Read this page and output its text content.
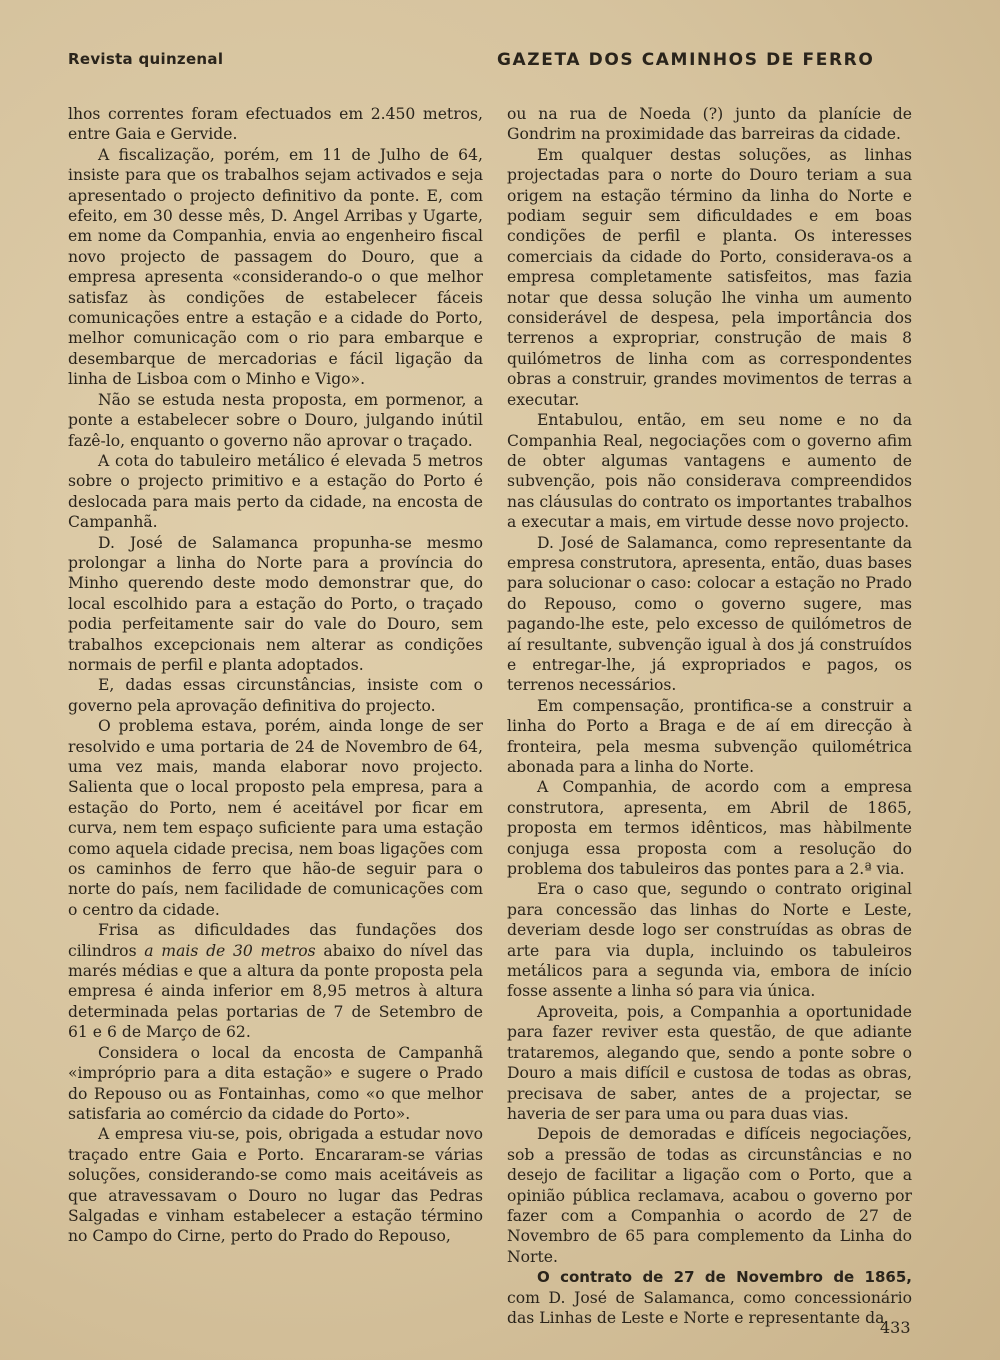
Revista quinzenal	GAZETA DOS CAMINHOS DE FERRO

lhos correntes foram efectuados em 2.450 metros, entre Gaia e Gervide.

A fiscalização, porém, em 11 de Julho de 64, insiste para que os trabalhos sejam activados e seja apresentado o projecto definitivo da ponte. E, com efeito, em 30 desse mês, D. Angel Arribas y Ugarte, em nome da Companhia, envia ao engenheiro fiscal novo projecto de passagem do Douro, que a empresa apresenta «considerando-o o que melhor satisfaz às condições de estabelecer fáceis comunicações entre a estação e a cidade do Porto, melhor comunicação com o rio para embarque e desembarque de mercadorias e fácil ligação da linha de Lisboa com o Minho e Vigo».

Não se estuda nesta proposta, em pormenor, a ponte a estabelecer sobre o Douro, julgando inútil fazê-lo, enquanto o governo não aprovar o traçado.

A cota do tabuleiro metálico é elevada 5 metros sobre o projecto primitivo e a estação do Porto é deslocada para mais perto da cidade, na encosta de Campanhã.

D. José de Salamanca propunha-se mesmo prolongar a linha do Norte para a província do Minho querendo deste modo demonstrar que, do local escolhido para a estação do Porto, o traçado podia perfeitamente sair do vale do Douro, sem trabalhos excepcionais nem alterar as condições normais de perfil e planta adoptados.

E, dadas essas circunstâncias, insiste com o governo pela aprovação definitiva do projecto.

O problema estava, porém, ainda longe de ser resolvido e uma portaria de 24 de Novembro de 64, uma vez mais, manda elaborar novo projecto. Salienta que o local proposto pela empresa, para a estação do Porto, nem é aceitável por ficar em curva, nem tem espaço suficiente para uma estação como aquela cidade precisa, nem boas ligações com os caminhos de ferro que hão-de seguir para o norte do país, nem facilidade de comunicações com o centro da cidade.

Frisa as dificuldades das fundações dos cilindros a mais de 30 metros abaixo do nível das marés médias e que a altura da ponte proposta pela empresa é ainda inferior em 8,95 metros à altura determinada pelas portarias de 7 de Setembro de 61 e 6 de Março de 62.

Considera o local da encosta de Campanhã «impróprio para a dita estação» e sugere o Prado do Repouso ou as Fontainhas, como «o que melhor satisfaria ao comércio da cidade do Porto».

A empresa viu-se, pois, obrigada a estudar novo traçado entre Gaia e Porto. Encararam-se várias soluções, considerando-se como mais aceitáveis as que atravessavam o Douro no lugar das Pedras Salgadas e vinham estabelecer a estação término no Campo do Cirne, perto do Prado do Repouso,

ou na rua de Noeda (?) junto da planície de Gondrim na proximidade das barreiras da cidade.

Em qualquer destas soluções, as linhas projectadas para o norte do Douro teriam a sua origem na estação término da linha do Norte e podiam seguir sem dificuldades e em boas condições de perfil e planta. Os interesses comerciais da cidade do Porto, considerava-os a empresa completamente satisfeitos, mas fazia notar que dessa solução lhe vinha um aumento considerável de despesa, pela importância dos terrenos a expropriar, construção de mais 8 quilómetros de linha com as correspondentes obras a construir, grandes movimentos de terras a executar.

Entabulou, então, em seu nome e no da Companhia Real, negociações com o governo afim de obter algumas vantagens e aumento de subvenção, pois não considerava compreendidos nas cláusulas do contrato os importantes trabalhos a executar a mais, em virtude desse novo projecto.

D. José de Salamanca, como representante da empresa construtora, apresenta, então, duas bases para solucionar o caso: colocar a estação no Prado do Repouso, como o governo sugere, mas pagando-lhe este, pelo excesso de quilómetros de aí resultante, subvenção igual à dos já construídos e entregar-lhe, já expropriados e pagos, os terrenos necessários.

Em compensação, prontifica-se a construir a linha do Porto a Braga e de aí em direcção à fronteira, pela mesma subvenção quilométrica abonada para a linha do Norte.

A Companhia, de acordo com a empresa construtora, apresenta, em Abril de 1865, proposta em termos idênticos, mas hàbilmente conjuga essa proposta com a resolução do problema dos tabuleiros das pontes para a 2.ª via.

Era o caso que, segundo o contrato original para concessão das linhas do Norte e Leste, deveriam desde logo ser construídas as obras de arte para via dupla, incluindo os tabuleiros metálicos para a segunda via, embora de início fosse assente a linha só para via única.

Aproveita, pois, a Companhia a oportunidade para fazer reviver esta questão, de que adiante trataremos, alegando que, sendo a ponte sobre o Douro a mais difícil e custosa de todas as obras, precisava de saber, antes de a projectar, se haveria de ser para uma ou para duas vias.

Depois de demoradas e difíceis negociações, sob a pressão de todas as circunstâncias e no desejo de facilitar a ligação com o Porto, que a opinião pública reclamava, acabou o governo por fazer com a Companhia o acordo de 27 de Novembro de 65 para complemento da Linha do Norte.

O contrato de 27 de Novembro de 1865, com D. José de Salamanca, como concessionário das Linhas de Leste e Norte e representante da

433
